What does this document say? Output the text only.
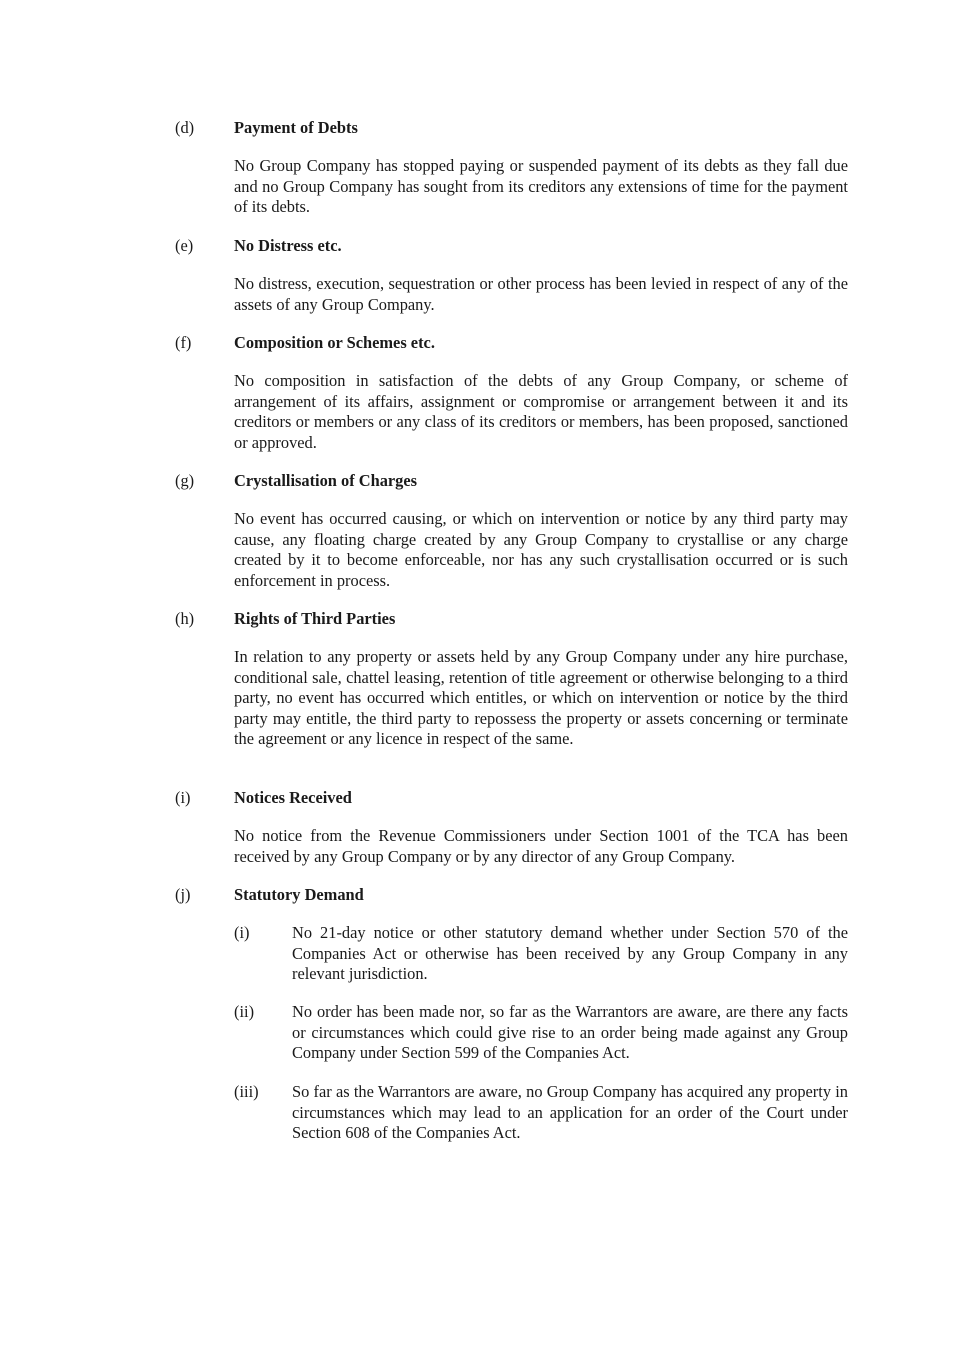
(d) Payment of Debts

No Group Company has stopped paying or suspended payment of its debts as they fall due and no Group Company has sought from its creditors any extensions of time for the payment of its debts.

(e) No Distress etc.

No distress, execution, sequestration or other process has been levied in respect of any of the assets of any Group Company.

(f)	Composition or Schemes etc.

No composition in satisfaction of the debts of any Group Company, or scheme of arrangement of its affairs, assignment or compromise or arrangement between it and its creditors or members or any class of its creditors or members, has been proposed, sanctioned or approved.

(g) Crystallisation of Charges

No event has occurred causing, or which on intervention or notice by any third party may cause, any floating charge created by any Group Company to crystallise or any charge created by it to become enforceable, nor has any such crystallisation occurred or is such enforcement in process.

(h) Rights of Third Parties

In relation to any property or assets held by any Group Company under any hire purchase, conditional sale, chattel leasing, retention of title agreement or otherwise belonging to a third party, no event has occurred which entitles, or which on intervention or notice by the third party may entitle, the third party to repossess the property or assets concerning or terminate the agreement or any licence in respect of the same.

(i)	Notices Received

No notice from the Revenue Commissioners under Section 1001 of the TCA has been received by any Group Company or by any director of any Group Company.

(j)	Statutory Demand
(i)	No 21-day notice or other statutory demand whether under Section 570 of the Companies Act or otherwise has been received by any Group Company in any relevant jurisdiction.

(ii) No order has been made nor, so far as the Warrantors are aware, are there any facts or circumstances which could give rise to an order being made against any Group Company under Section 599 of the Companies Act.

(iii) So far as the Warrantors are aware, no Group Company has acquired any property in circumstances which may lead to an application for an order of the Court under Section 608 of the Companies Act.
